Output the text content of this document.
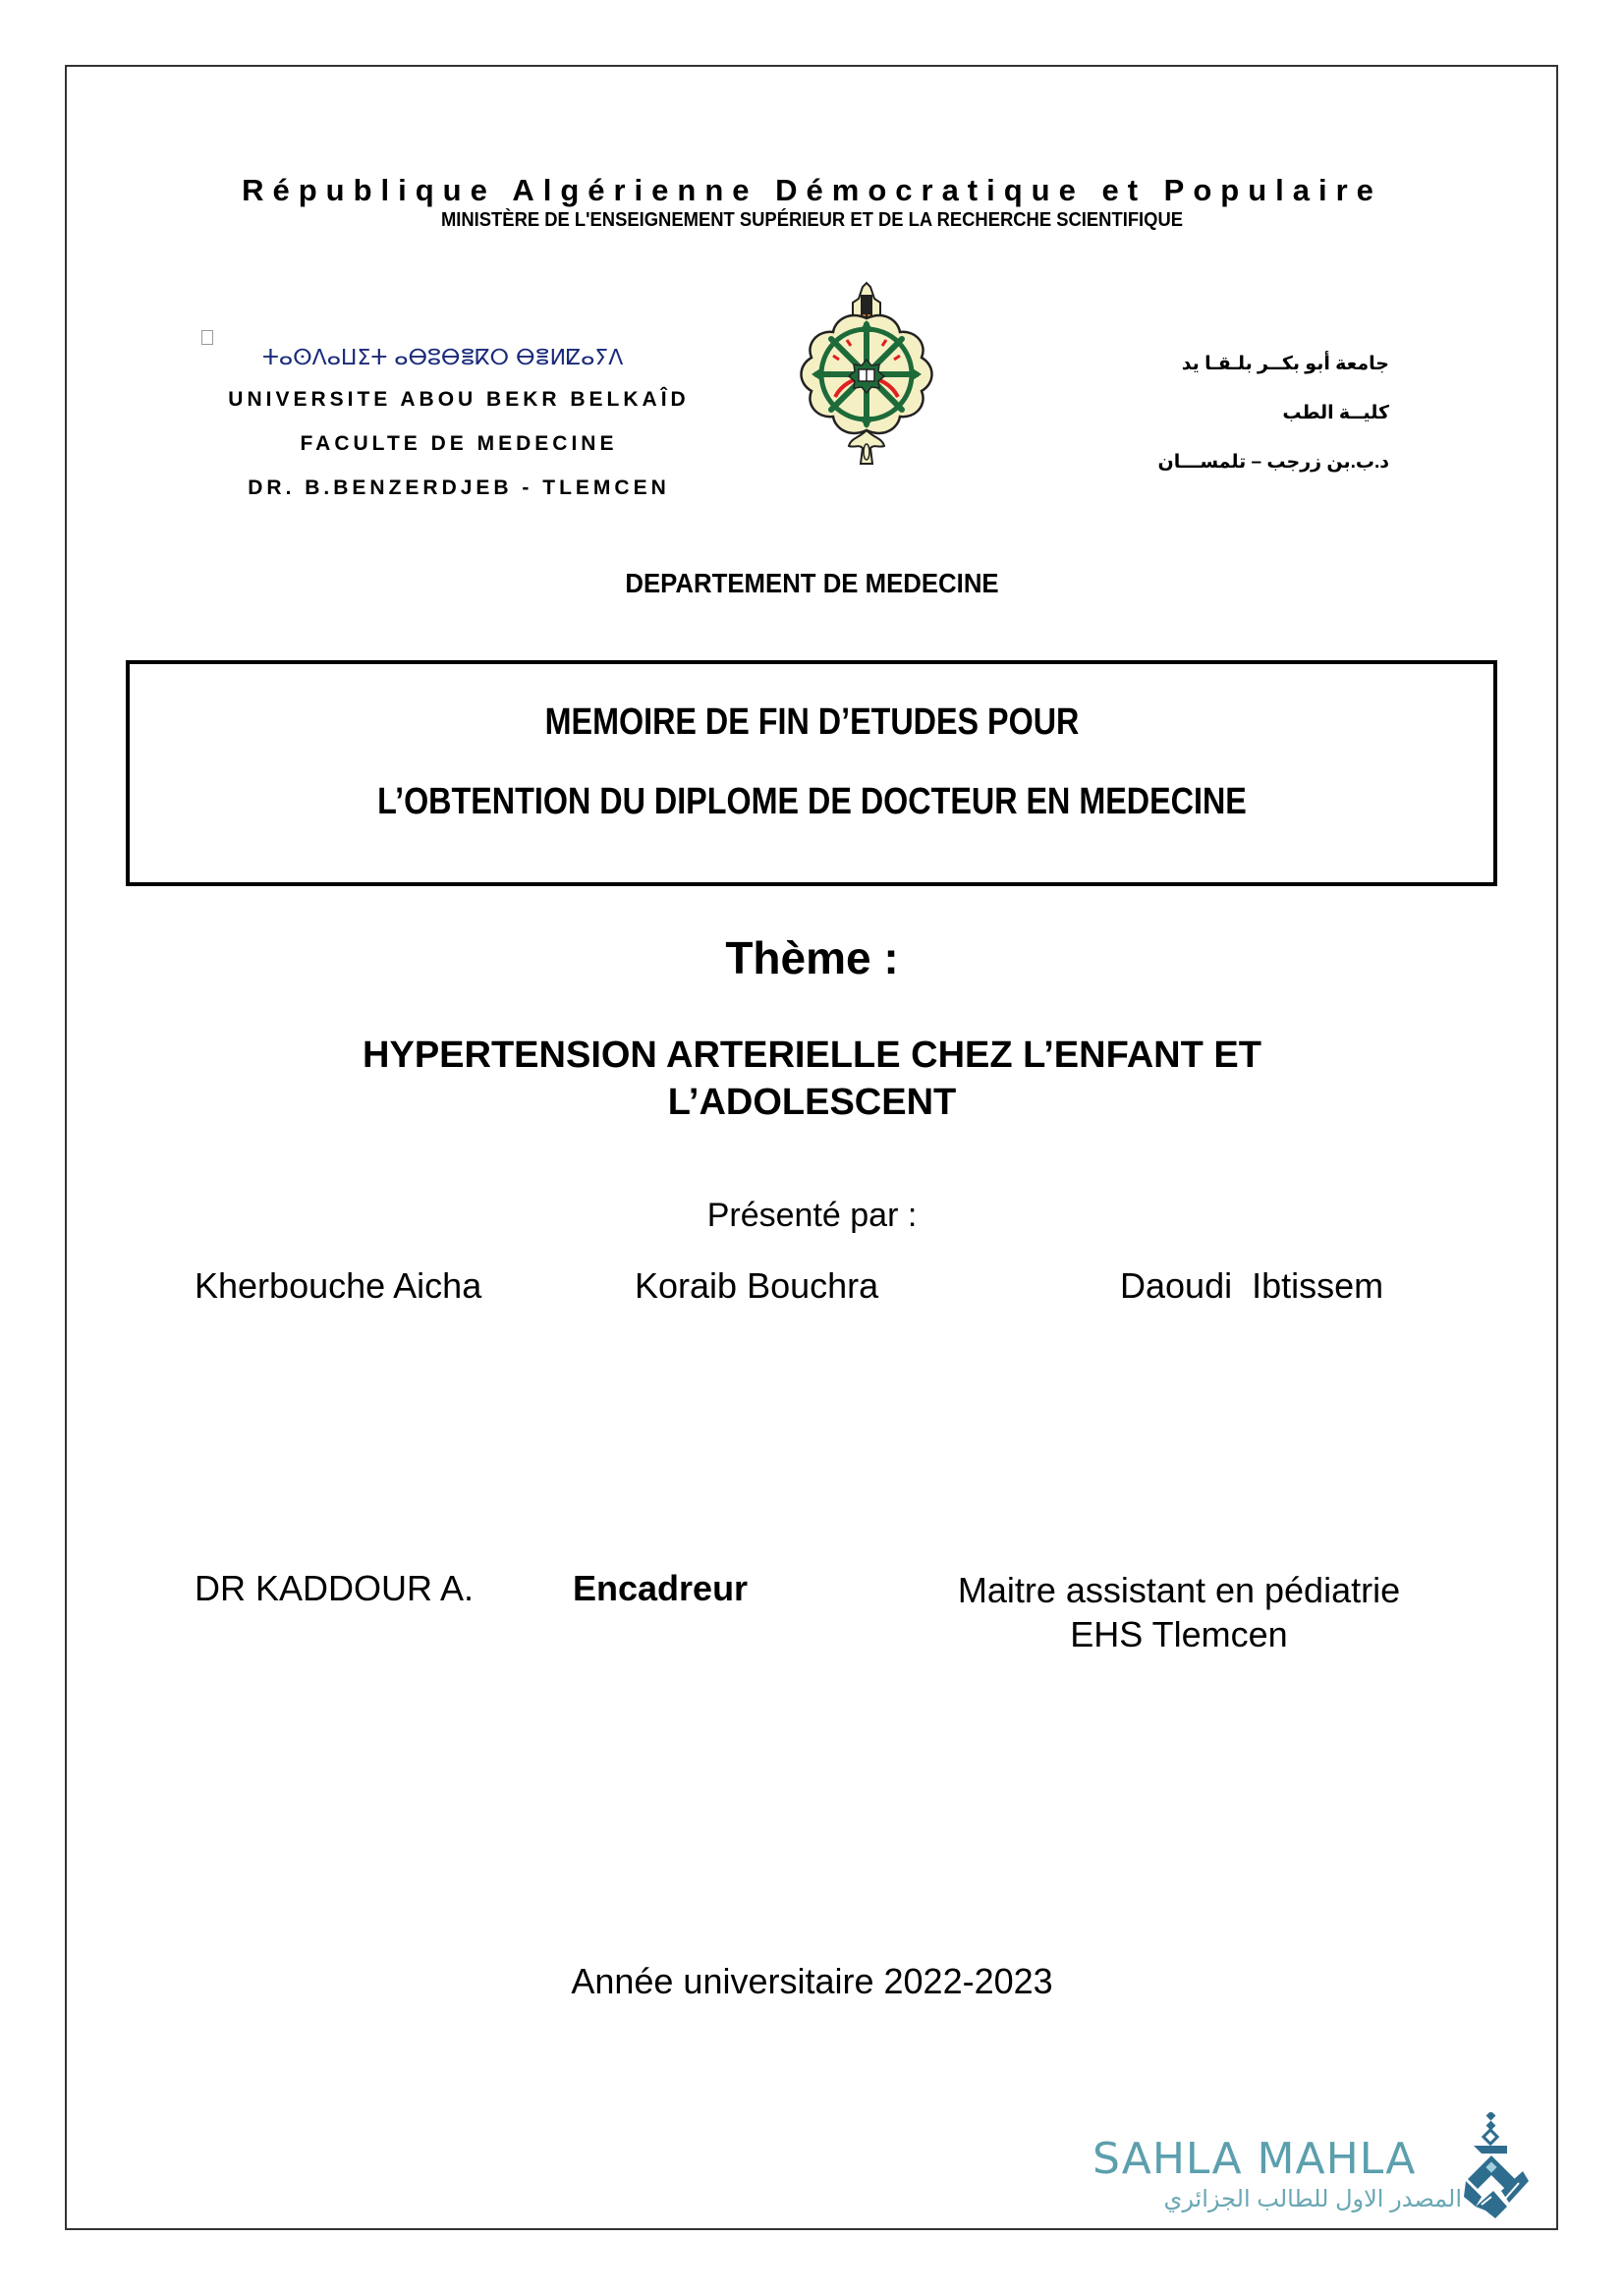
République Algérienne Démocratique et Populaire
MINISTÈRE DE L'ENSEIGNEMENT SUPÉRIEUR ET DE LA RECHERCHE SCIENTIFIQUE
ⵜⴰⵙⴷⴰⵡⵉⵜ ⴰⴱⵓⴱⴻⴽⵔ ⴱⴻⵍⵇⴰⵢⴷ
UNIVERSITE ABOU BEKR BELKAÎD
FACULTE DE MEDECINE
DR. B.BENZERDJEB - TLEMCEN
جامعة أبو بكــر بلـقـا يد
كليــة الطب
د.ب.بن زرجب – تلمســـان
DEPARTEMENT DE MEDECINE
MEMOIRE DE FIN D’ETUDES POUR
L’OBTENTION DU DIPLOME DE DOCTEUR EN MEDECINE
Thème :
HYPERTENSION ARTERIELLE CHEZ L’ENFANT ET
L’ADOLESCENT
Présenté par :
Kherbouche Aicha	Koraib Bouchra	Daoudi  Ibtissem
DR KADDOUR A.	Encadreur	Maitre assistant en pédiatrie
EHS Tlemcen
Année universitaire 2022-2023
SAHLA MAHLA
المصدر الاول للطالب الجزائري
